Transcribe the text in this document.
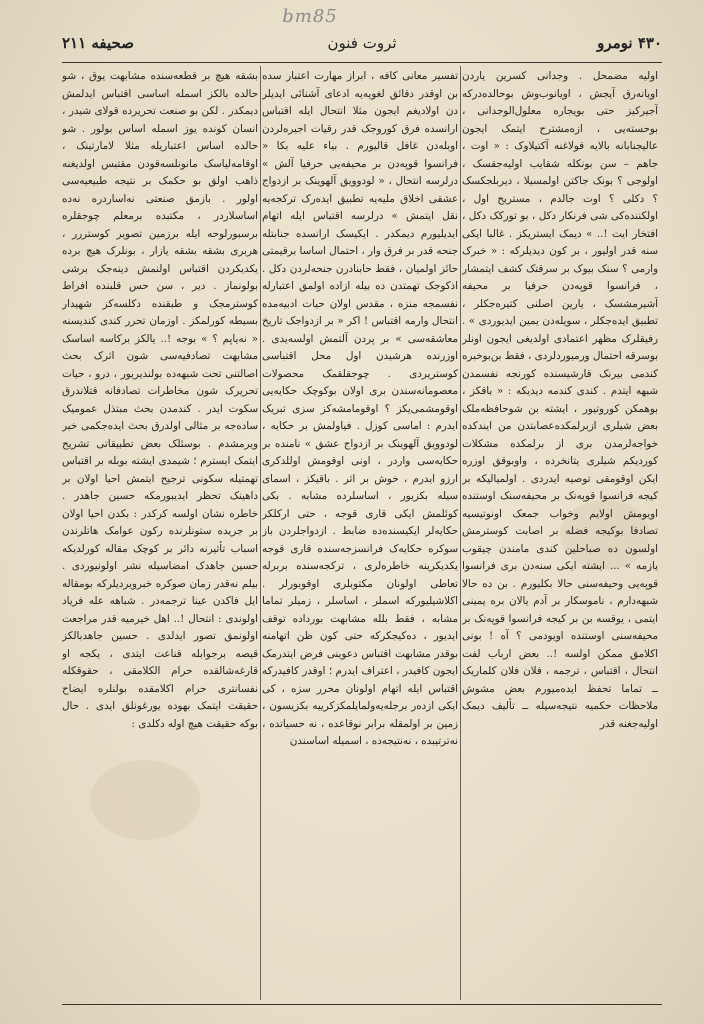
bm85
۴۳۰ نومرو
ثروت فنون
صحیفه ۲۱۱

اولیه مضمحل . وجدانی کسرین یاردن اویانه‌رق آیجش ، اویانوب‌وش بوحالده‌درکه آجیرکیز حتی بویجاره معلول‌الوجدانی ، بوحسته‌یی ، ازه‌مشترح ایتمک ایجون عالیجنابانه بالایه قولاغنه آکتیلاوک : « اوت ، جاهم – سن بونکله شقایب اولیه‌جقسک ، اولوجی ؟ بونک جاکتن اولمسیلا ، دیربلجکسک ؟ دکلی ؟ اوت جالدم ، مستریح اول ، اولکننده‌کی شی فرنکار دکل ، بو تورکک دکل ، افتخار ایت !.. » دیمک ایستریکز . غالبا ایکی سنه قدر اولیور ، بر کون دیدیلرکه : « خبرک وارمی ؟ سنک بیوک بر سرقتک کشف ایتمشار ، فرانسوا قوپه‌دن حرفیا بر محیفه آشیرمشسک ، یارین اصلنی کتیره‌جکلر ، تطبیق ایده‌جکلر ، سویله‌دن یمین ایدیوردی » . رفیقلرک مظهر اعتمادی اولدیغی ایجون اونلر بوسرقه احتمال ورمیوردلردی ، فقط بن‌بوخبره کندمی بیرنک قارشیسنده کورنجه نفسمدن شبهه ایتدم . کندی کندمه دیدیکه : « باقکز ، بوهمکن کوروتیور ، ایشته بن شوحافظه‌ملک بعض شیلری ازبرلمکده‌عصابتدن من ایندکده خواجه‌لرمدن بری از برلمکده مشکلات کوردیکم شیلری یتانخرده ، واوبوقق اوزره ایکن اوقومقی توصیه ایدردی . اولمیالیکه بر کیجه فرانسوا قوپه‌نک بر محیفه‌سنک اوستنده اویومش اولایم وخواب جمعک اونوتیسیه تصادفا بوکیجه فضله بر اصابت کوسترمش اولسون ده صباحلین کندی مامندن چیقوب یازمه » ... ایشته ایکی سنه‌دن بری فرانسوا قوپه‌یی وحیفه‌سنی حالا بکلیورم . بن ده حالا شبهه‌دارم ، ناموسکار بر آدم یالان بره یمینی ایتمی ، یوقسه بن بر کیجه فرانسوا قوپه‌نک بر محیفه‌سنی اوستنده اویودمی ؟ آه ! بونی اکلامق ممکن اولسه !.. بعض ارباب لفت انتحال ، اقتباس ، ترجمه ، فلان فلان کلماریک ــ تماما تحفظ ایده‌میورم بعض مشوش ملاحظات حکمیه نتیجه‌سیله ــ تألیف دیمک اولیه‌جغنه قدر

تفسیر معانی کافه ، ابراز مهارت اعتبار سده بن اوقدر دقائق لغویه‌یه ادعای آشنائی ایدیلر دن اولادیغم ایجون مثلا انتحال ایله اقتباس ارانسده فرق کوروجک قدر رقیات اجیره‌لردن اوبله‌دن غافل قالیورم . بیاء علیه بکا « فرانسوا قوپه‌دن بر محیفه‌یی حرفیا آلش » درلرسه انتحال ، « لودوویق آلهوینک بر ازدواج عشقی اخلاق ملیه‌یه تطبیق ایده‌رک ترکجه‌یه نقل ایتمش » درلرسه اقتباس ایله اتهام ایدیلیورم دیمکدر . ایکیسک ارانسده جنابتله جنحه قدر بر فرق وار ، احتمال اساسا برقیمتی حائز اولمیان ، فقط حابنادرن جنحه‌لردن دکل . اذکوجک تهمتدن ده بیله ازاده اولمق اعتبارله نفسمجه منزه ، مقدس اولان حیات ادبیه‌مده انتحال وارمه اقتباس ! اکر « بر ازدواجک تاریخ معاشقه‌سی » بر پردن آلتمش اولسه‌یدی . اوزرنده هرشیدن اول محل اقتباسی کوستریردی . چوجقلقمک محصولات معصومانه‌سندن بری اولان بوکوچک حکایه‌یی اوقومشمی‌یکز ؟ اوقومامشه‌کز سزی تبریک ایدرم : اماسی کوزل . فیاولمش بر حکایه ، لودوویق آلهوینک بر ازدواج عشق » نامنده بر حکایه‌سی واردر ، اونی اوقومش اوللدکری ارزو ایدرم ، خوش بر اثر . باقیکز ، اسمای سیله بکزیور ، اساسلرده مشابه . بکی کوئلمش ایکی قاری قوجه ، حتی ارکلکر حکایه‌لر ایکیسنده‌ده ضابط . ازدواجلردن باز سوکره حکایه‌ک فرانسزجه‌سنده قاری قوجه یکدیکرینه خاطره‌لری ، ترکجه‌سنده بربرله تعاطی اولونان مکتوبلری اوقوبورلر . اکلاشیلیورکه اسملر ، اساسلر ، زمیلر تماما مشابه ، فقط بلله مشابهت بورداده توقف ایدیور ، ده‌کیجکرکه حتی کون ظن اتهامنه بوقدر مشابهت اقتباس دعوینی فرض ایتدرمک ایجون کافیدر ، اعتراف ایدرم ؛ اوقدر کافیدرکه اقتباس ایله اتهام اولونان محرر سزه ، کی ایکی ازده‌ر برجله‌یه‌ولمایلمکزکرییه بکزیسون ، زمین بر اولمقله برابر نوقاعده ، نه حسیاتده ، نه‌ترتیبده ، نه‌نتیجه‌ده ، اسمیله اساسندن

بشقه هیچ بر قطعه‌سنده مشابهت یوق ، شو حالده بالکز اسمله اساسی اقتباس ایدلمش دیمکدر . لکن بو صنعت تحریرده قولای شیدر ، انسان کونده یوز اسمله اساس بولور . شو حالده اساس اعتباریله مثلا لامارتینک ، اوقامه‌لیاسک مانونلسه‌قودن مقتبس اولدیغنه ذاهب اولق بو حکمک بر نتیجه طبیعیه‌سی اولور . بازمق صنعتی نه‌اساردره نه‌ده اساسلاردر ، مکتبده برمعلم چوجقلره برسبورلوحه ایله برزمین تصویر کوستررر ، هربری بشقه بشقه یازار ، بونلرک هیچ برده یکدیکردن اقتباس اولنمش دینه‌جک برشی بولونماز . دیر ، سن حس قلبنده افراط کوسترمجک و طبقنده دکلسه‌کز شهیدار بسیطه کورلمکز . اوزمان تحرر کندی کندیسنه « نه‌یاپم ؟ » بوجه !.. یالکز برکاسه اساسک مشابهت تصادفیه‌سی شون اثرک بحث اصالتنی تحت شبهه‌ده بولندیریور ، درو ، حیات تحریرک شون مخاطرات تصادفانه قتلاندرق سکوت ایدر . کندمدن بحث مبتذل عمومیک ساده‌جه بر مثالی اولدرق بحث ایده‌جکمی خبر ویرمشدم . بوسئلک بعض تطبیقاتی تشریح ایتمک ایسترم ؛ شیمدی ایشته بوبله بر اقتباس تهمتیله سکونی ترجیح ایتمش احیا اولان بر داهینک تحظر ایدیبورمکه حسین جاهدر . خاطره نشان اولسه کرکدر : بکدن احیا اولان بر جریده ستونلرنده رکون عوامک ها‌تلرندن اسباب تأثیرنه دائر بر کوچک مقاله کورلدیکه حسین جاهدک امضاسیله نشر اولونیوردی . بیلم نه‌قدر زمان صوکره خبرویردیلرکه بومقاله ایل فاکدن عینا ترجمه‌در . شباهه عله فریاد اولوندی : انتحال !.. اهل خیرمیه قدر مراجعت اولونمق تصور ایدلدی . حسین جاهدبالکز قیصه برجوابله قناعت ایتدی ، یکجه او قارغه‌شالقده حرام الکلامقی ، حقوقکله نفسانتری حرام اکلامقده بولنلره ایضاح حقیقت ایتمک بهوده یورغونلق ایدی . حال بوکه حقیقت هیچ اوله دکلدی :
